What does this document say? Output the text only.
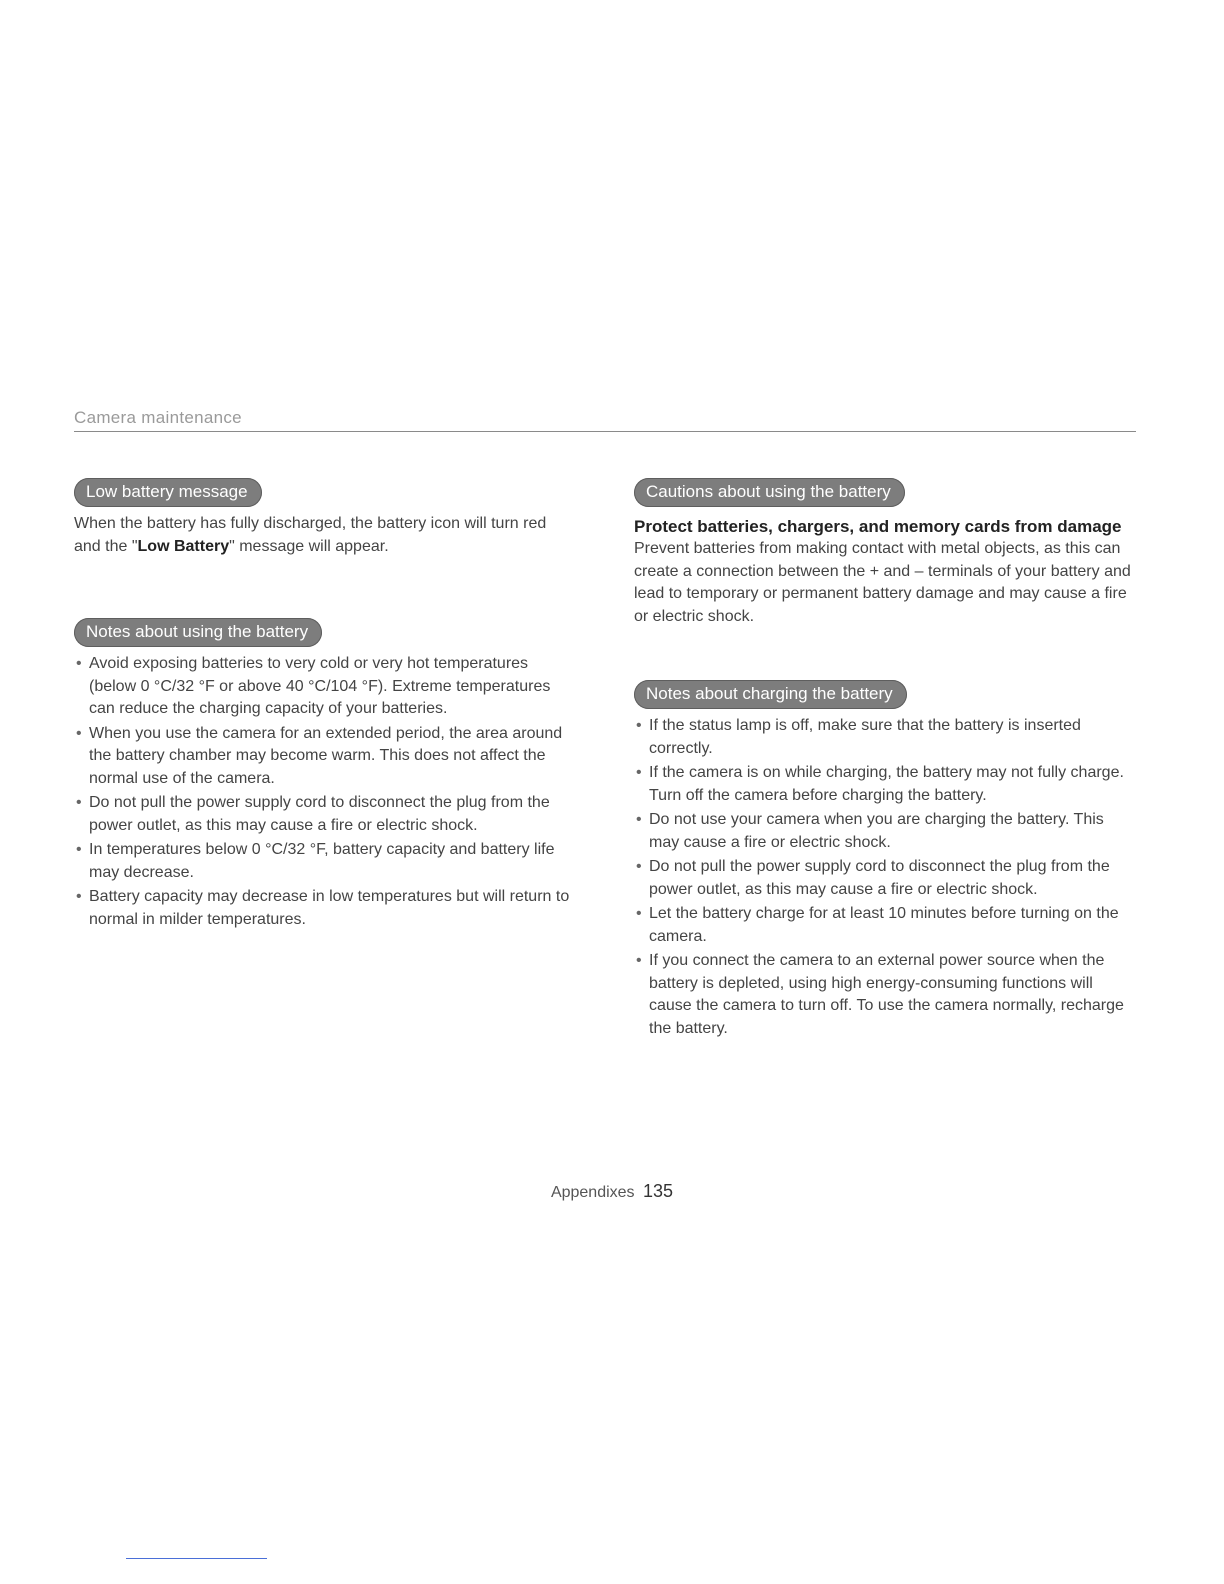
Camera maintenance
Low battery message

When the battery has fully discharged, the battery icon will turn red and the "Low Battery" message will appear.

Notes about using the battery
• Avoid exposing batteries to very cold or very hot temperatures (below 0 °C/32 °F or above 40 °C/104 °F). Extreme temperatures can reduce the charging capacity of your batteries.
• When you use the camera for an extended period, the area around the battery chamber may become warm. This does not affect the normal use of the camera.
• Do not pull the power supply cord to disconnect the plug from the power outlet, as this may cause a fire or electric shock.
• In temperatures below 0 °C/32 °F, battery capacity and battery life may decrease.
• Battery capacity may decrease in low temperatures but will return to normal in milder temperatures.
Cautions about using the battery

Protect batteries, chargers, and memory cards from damage

Prevent batteries from making contact with metal objects, as this can create a connection between the + and – terminals of your battery and lead to temporary or permanent battery damage and may cause a fire or electric shock.

Notes about charging the battery
• If the status lamp is off, make sure that the battery is inserted correctly.
• If the camera is on while charging, the battery may not fully charge. Turn off the camera before charging the battery.
• Do not use your camera when you are charging the battery. This may cause a fire or electric shock.
• Do not pull the power supply cord to disconnect the plug from the power outlet, as this may cause a fire or electric shock.
• Let the battery charge for at least 10 minutes before turning on the camera.
• If you connect the camera to an external power source when the battery is depleted, using high energy-consuming functions will cause the camera to turn off. To use the camera normally, recharge the battery.
Appendixes 135
